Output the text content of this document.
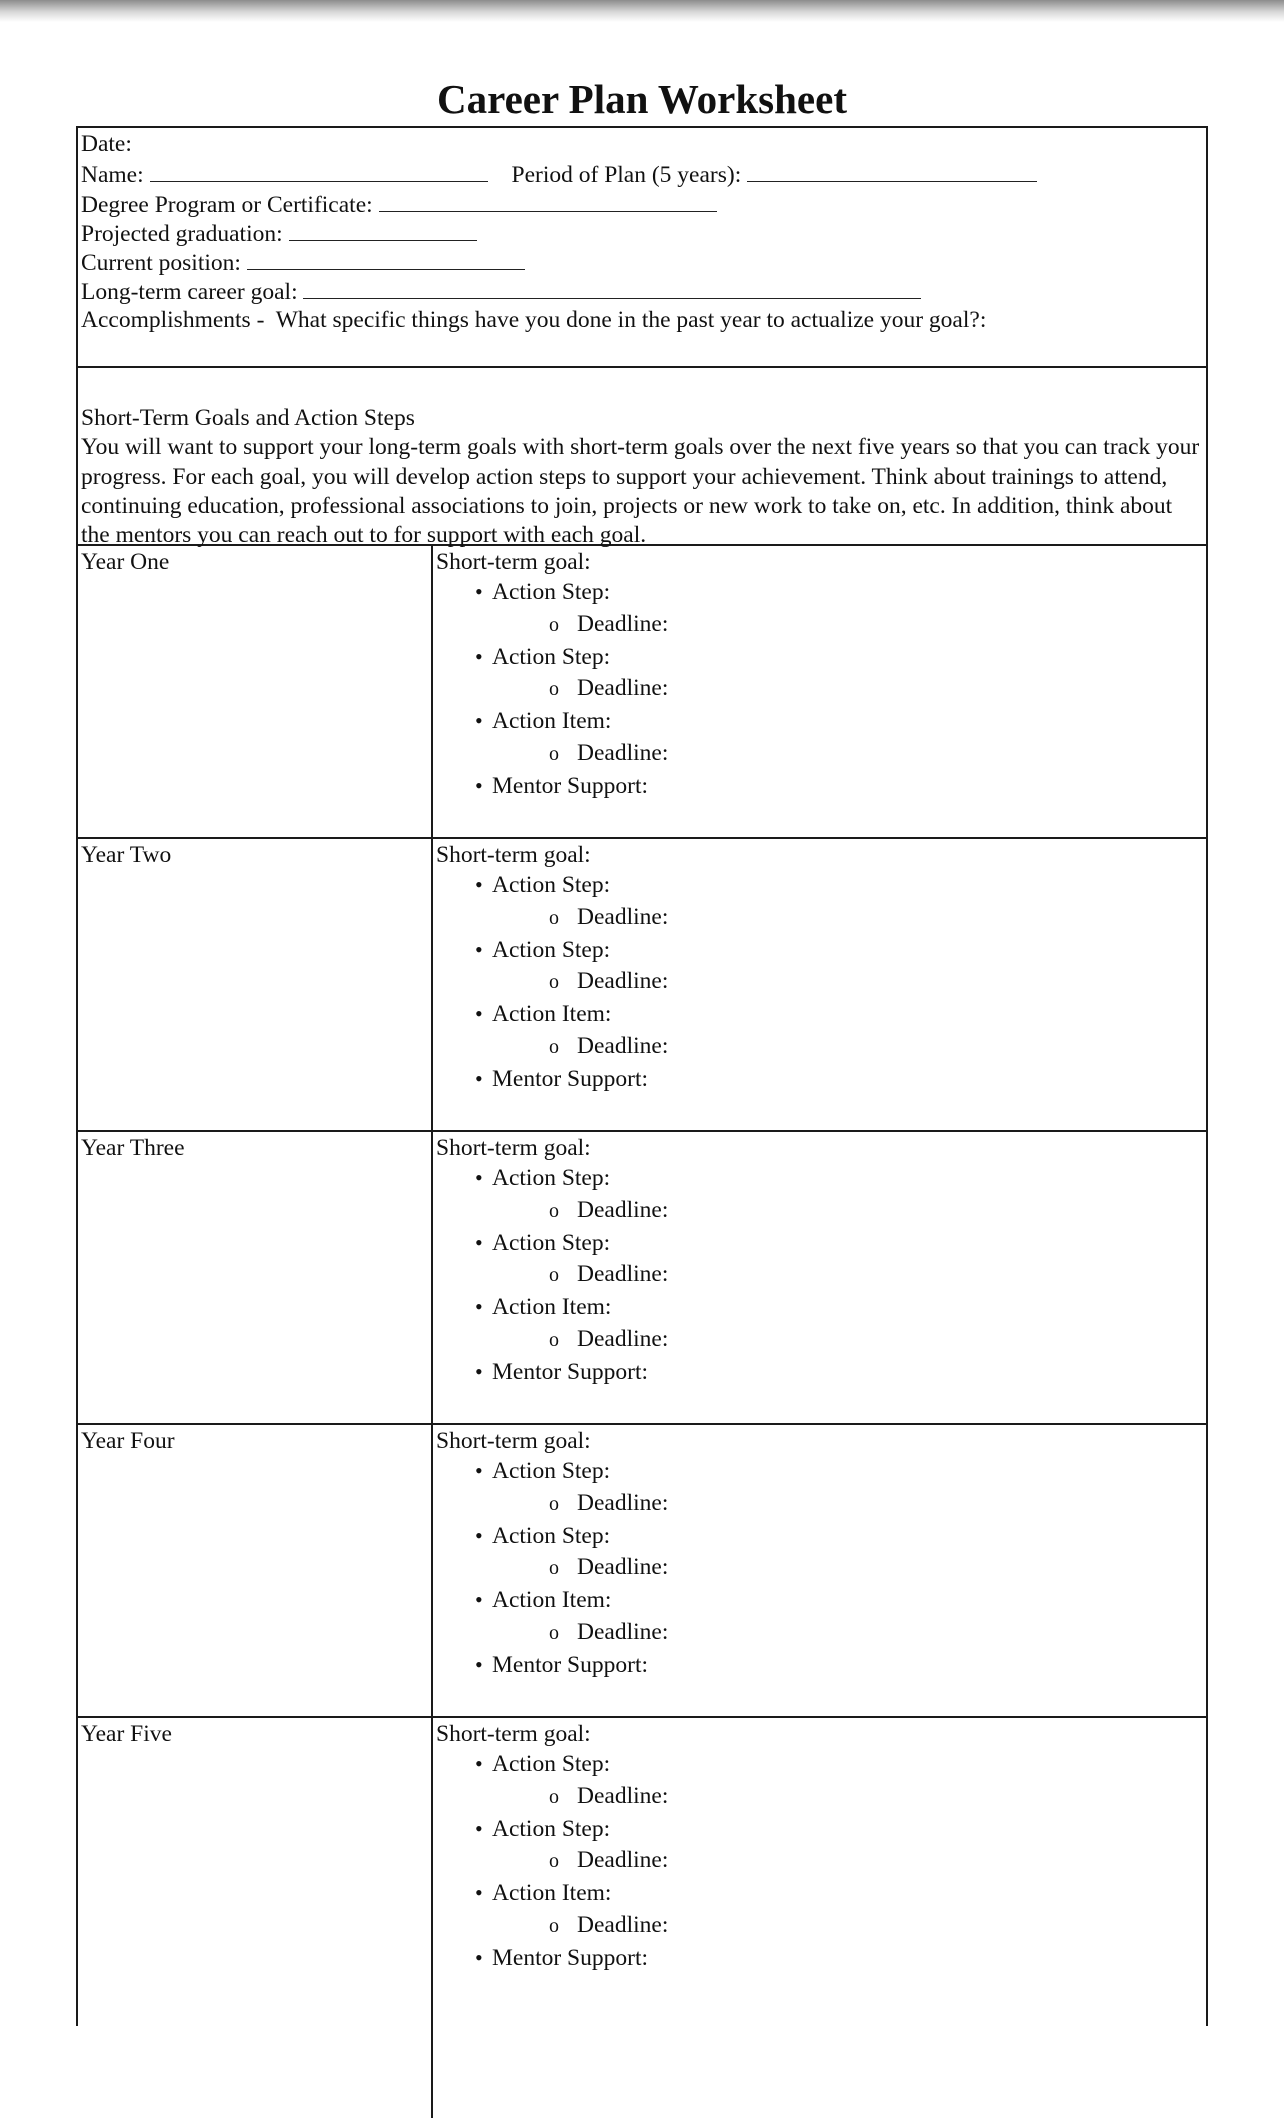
Career Plan Worksheet
Date:
Name:	Period of Plan (5 years):
Degree Program or Certificate:
Projected graduation:
Current position:
Long-term career goal:
Accomplishments -  What specific things have you done in the past year to actualize your goal?:
Short-Term Goals and Action Steps
You will want to support your long-term goals with short-term goals over the next five years so that you can track your progress. For each goal, you will develop action steps to support your achievement. Think about trainings to attend, continuing education, professional associations to join, projects or new work to take on, etc. In addition, think about the mentors you can reach out to for support with each goal.
Year One	Short-term goal:
• Action Step:
o Deadline:
• Action Step:
o Deadline:
• Action Item:
o Deadline:
• Mentor Support:
Year Two	Short-term goal:
• Action Step:
o Deadline:
• Action Step:
o Deadline:
• Action Item:
o Deadline:
• Mentor Support:
Year Three	Short-term goal:
• Action Step:
o Deadline:
• Action Step:
o Deadline:
• Action Item:
o Deadline:
• Mentor Support:
Year Four	Short-term goal:
• Action Step:
o Deadline:
• Action Step:
o Deadline:
• Action Item:
o Deadline:
• Mentor Support:
Year Five	Short-term goal:
• Action Step:
o Deadline:
• Action Step:
o Deadline:
• Action Item:
o Deadline:
• Mentor Support:
